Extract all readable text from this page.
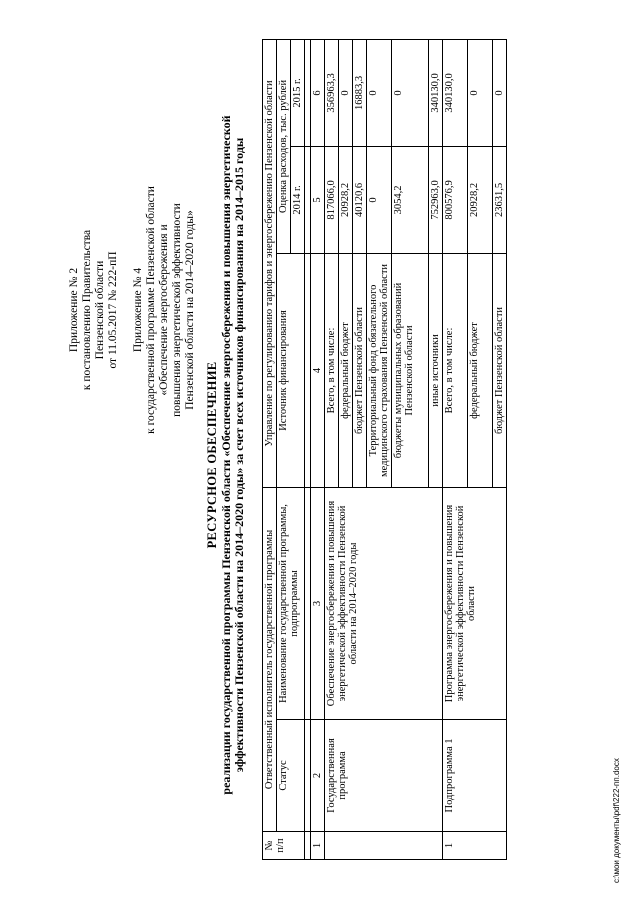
Приложение № 2 к постановлению Правительства Пензенской области от 11.05.2017 № 222-пП Приложение № 4 к государственной программе Пензенской области «Обеспечение энергосбережения и повышения энергетической эффективности Пензенской области на 2014–2020 годы»
РЕСУРСНОЕ ОБЕСПЕЧЕНИЕ реализации государственной программы Пензенской области «Обеспечение энергосбережения и повышения энергетической эффективности Пензенской области на 2014–2020 годы» за счет всех источников финансирования на 2014–2015 годы
№ п/п	Ответственный исполнитель государственной программы		Управление по регулированию тарифов и энергосбережению Пензенской области		
	Статус	Наименование государственной программы, подпрограммы	Источник финансирования	Оценка расходов, тыс. рублей	
				2014 г.	2015 г.

1	2	3	4	5	6
	Государственная программа	Обеспечение энергосбережения и повышения энергетической эффективности Пензенской области на 2014–2020 годы	Всего, в том числе:	817066,0	356963,3
			федеральный бюджет	20928,2	0
			бюджет Пензенской области	40120,6	16883,3
			Территориальный фонд обязательного медицинского страхования Пензенской области	0	0
			бюджеты муниципальных образований Пензенской области	3054,2	0
			иные источники	752963,0	340130,0
1	Подпрограмма 1	Программа энергосбережения и повышения энергетической эффективности Пензенской области	Всего, в том числе:	800576,9	340130,0
			федеральный бюджет	20928,2	0
			бюджет Пензенской области	23631,5	0
c:\мои документы\pdf\222-пп.docx
